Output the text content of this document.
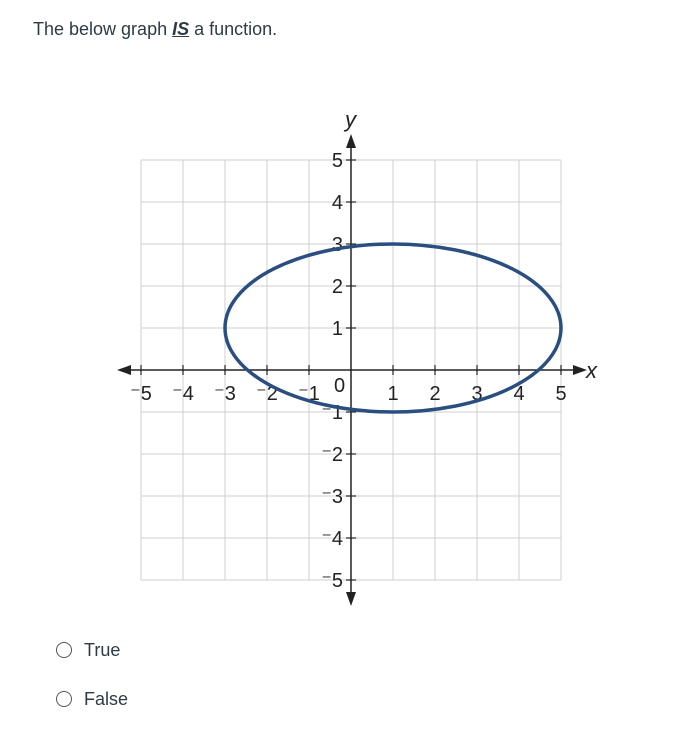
The below graph IS a function.
⁻5 ⁻4 ⁻3 ⁻2 ⁻1	1 2 3 4 5
5
4
3
2
1
⁻1
⁻2
⁻3
⁻4
⁻5
x
y
0
True
False
